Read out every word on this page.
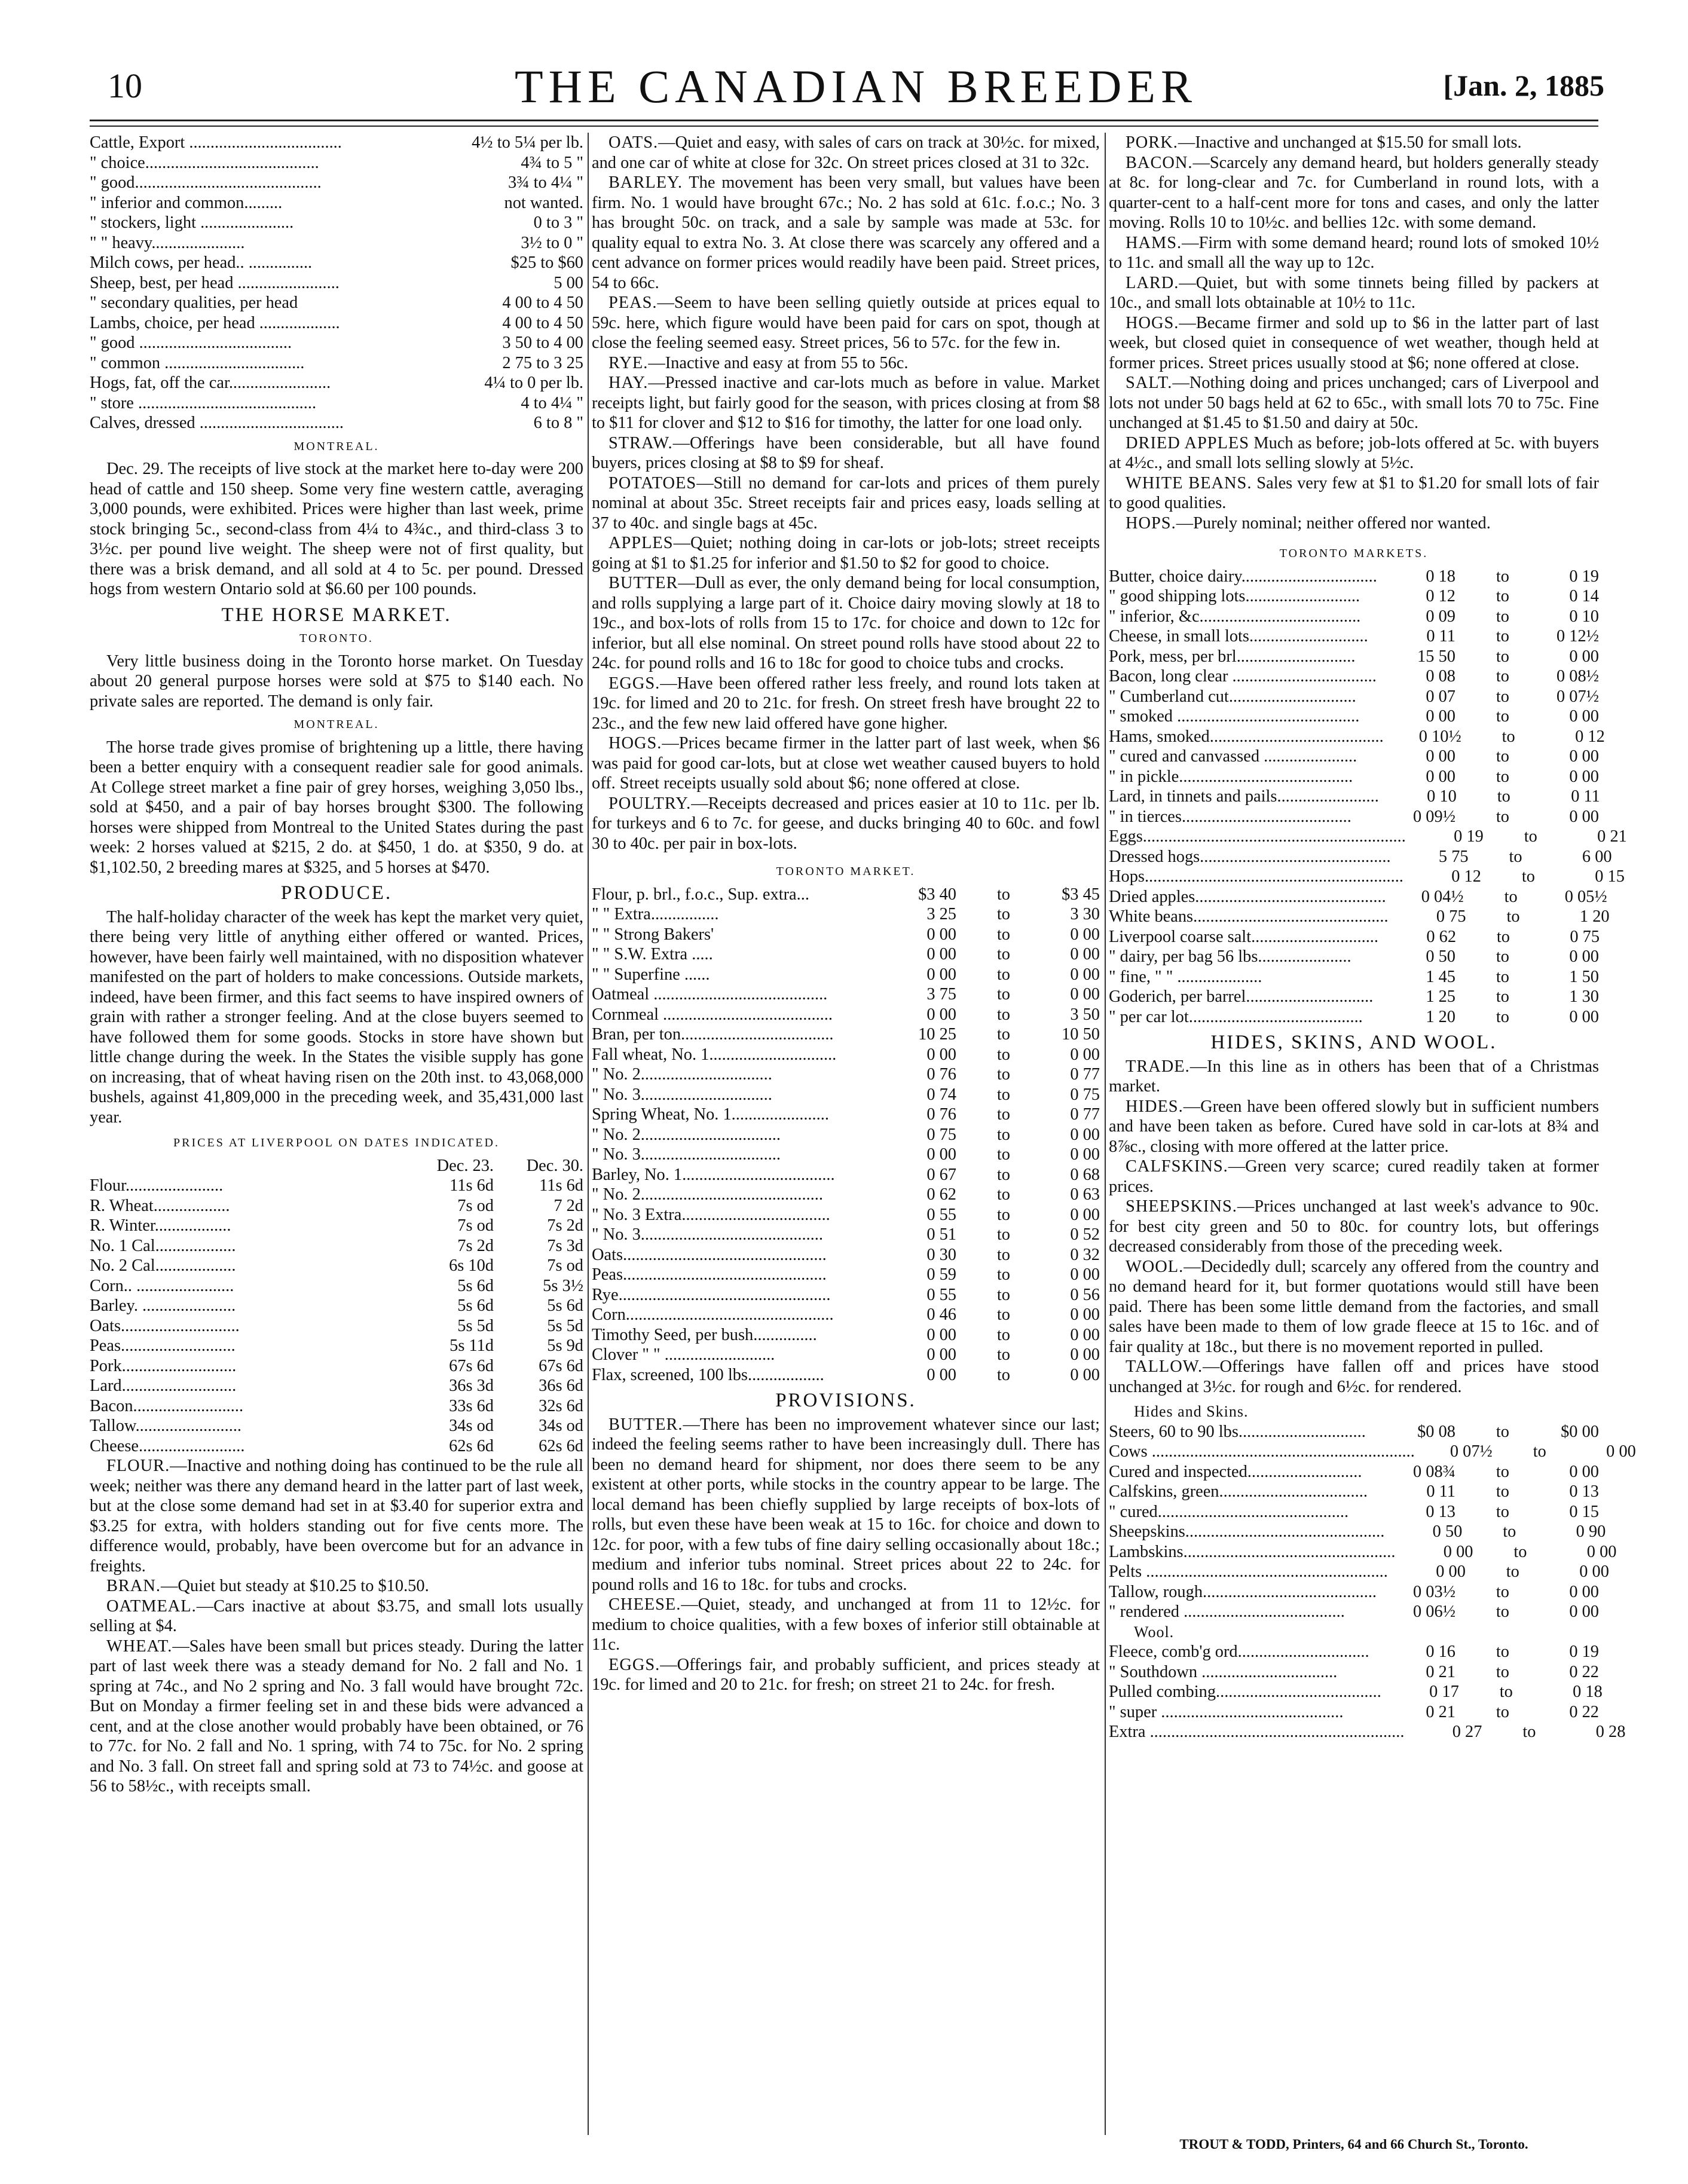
10	THE CANADIAN BREEDER	[Jan. 2, 1885
Cattle, Export ....................................	4½ to 5¼ per lb.
" choice.........................................	4¾ to 5 "
" good............................................	3¾ to 4¼ "
" inferior and common.........	not wanted.
" stockers, light ......................	0 to 3 "
" " heavy......................	3½ to 0 "
Milch cows, per head.. ...............	$25 to $60
Sheep, best, per head ........................	5 00
" secondary qualities, per head	4 00 to 4 50
Lambs, choice, per head ...................	4 00 to 4 50
" good ....................................	3 50 to 4 00
" common .................................	2 75 to 3 25
Hogs, fat, off the car........................	4¼ to 0 per lb.
" store ..........................................	4 to 4¼ "
Calves, dressed ..................................	6 to 8 "
MONTREAL.

Dec. 29. The receipts of live stock at the market here to-day were 200 head of cattle and 150 sheep. Some very fine western cattle, averaging 3,000 pounds, were exhibited. Prices were higher than last week, prime stock bringing 5c., second-class from 4¼ to 4¾c., and third-class 3 to 3½c. per pound live weight. The sheep were not of first quality, but there was a brisk demand, and all sold at 4 to 5c. per pound. Dressed hogs from western Ontario sold at $6.60 per 100 pounds.

THE HORSE MARKET.
TORONTO.

Very little business doing in the Toronto horse market. On Tuesday about 20 general purpose horses were sold at $75 to $140 each. No private sales are reported. The demand is only fair.

MONTREAL.

The horse trade gives promise of brightening up a little, there having been a better enquiry with a consequent readier sale for good animals. At College street market a fine pair of grey horses, weighing 3,050 lbs., sold at $450, and a pair of bay horses brought $300. The following horses were shipped from Montreal to the United States during the past week: 2 horses valued at $215, 2 do. at $450, 1 do. at $350, 9 do. at $1,102.50, 2 breeding mares at $325, and 5 horses at $470.

PRODUCE.

The half-holiday character of the week has kept the market very quiet, there being very little of anything either offered or wanted. Prices, however, have been fairly well maintained, with no disposition whatever manifested on the part of holders to make concessions. Outside markets, indeed, have been firmer, and this fact seems to have inspired owners of grain with rather a stronger feeling. And at the close buyers seemed to have followed them for some goods. Stocks in store have shown but little change during the week. In the States the visible supply has gone on increasing, that of wheat having risen on the 20th inst. to 43,068,000 bushels, against 41,809,000 in the preceding week, and 35,431,000 last year.

PRICES AT LIVERPOOL ON DATES INDICATED.
Dec. 23.	Dec. 30.
Flour.......................	11s 6d	11s 6d
R. Wheat..................	7s od	7 2d
R. Winter..................	7s od	7s 2d
No. 1 Cal...................	7s 2d	7s 3d
No. 2 Cal...................	6s 10d	7s od
Corn.. .......................	5s 6d	5s 3½
Barley. ......................	5s 6d	5s 6d
Oats............................	5s 5d	5s 5d
Peas...........................	5s 11d	5s 9d
Pork...........................	67s 6d	67s 6d
Lard...........................	36s 3d	36s 6d
Bacon..........................	33s 6d	32s 6d
Tallow.........................	34s od	34s od
Cheese.........................	62s 6d	62s 6d

FLOUR.—Inactive and nothing doing has continued to be the rule all week; neither was there any demand heard in the latter part of last week, but at the close some demand had set in at $3.40 for superior extra and $3.25 for extra, with holders standing out for five cents more. The difference would, probably, have been overcome but for an advance in freights.

BRAN.—Quiet but steady at $10.25 to $10.50.

OATMEAL.—Cars inactive at about $3.75, and small lots usually selling at $4.

WHEAT.—Sales have been small but prices steady. During the latter part of last week there was a steady demand for No. 2 fall and No. 1 spring at 74c., and No 2 spring and No. 3 fall would have brought 72c. But on Monday a firmer feeling set in and these bids were advanced a cent, and at the close another would probably have been obtained, or 76 to 77c. for No. 2 fall and No. 1 spring, with 74 to 75c. for No. 2 spring and No. 3 fall. On street fall and spring sold at 73 to 74½c. and goose at 56 to 58½c., with receipts small.

OATS.—Quiet and easy, with sales of cars on track at 30½c. for mixed, and one car of white at close for 32c. On street prices closed at 31 to 32c.

BARLEY. The movement has been very small, but values have been firm. No. 1 would have brought 67c.; No. 2 has sold at 61c. f.o.c.; No. 3 has brought 50c. on track, and a sale by sample was made at 53c. for quality equal to extra No. 3. At close there was scarcely any offered and a cent advance on former prices would readily have been paid. Street prices, 54 to 66c.

PEAS.—Seem to have been selling quietly outside at prices equal to 59c. here, which figure would have been paid for cars on spot, though at close the feeling seemed easy. Street prices, 56 to 57c. for the few in.

RYE.—Inactive and easy at from 55 to 56c.

HAY.—Pressed inactive and car-lots much as before in value. Market receipts light, but fairly good for the season, with prices closing at from $8 to $11 for clover and $12 to $16 for timothy, the latter for one load only.

STRAW.—Offerings have been considerable, but all have found buyers, prices closing at $8 to $9 for sheaf.

POTATOES—Still no demand for car-lots and prices of them purely nominal at about 35c. Street receipts fair and prices easy, loads selling at 37 to 40c. and single bags at 45c.

APPLES—Quiet; nothing doing in car-lots or job-lots; street receipts going at $1 to $1.25 for inferior and $1.50 to $2 for good to choice.

BUTTER—Dull as ever, the only demand being for local consumption, and rolls supplying a large part of it. Choice dairy moving slowly at 18 to 19c., and box-lots of rolls from 15 to 17c. for choice and down to 12c for inferior, but all else nominal. On street pound rolls have stood about 22 to 24c. for pound rolls and 16 to 18c for good to choice tubs and crocks.

EGGS.—Have been offered rather less freely, and round lots taken at 19c. for limed and 20 to 21c. for fresh. On street fresh have brought 22 to 23c., and the few new laid offered have gone higher.

HOGS.—Prices became firmer in the latter part of last week, when $6 was paid for good car-lots, but at close wet weather caused buyers to hold off. Street receipts usually sold about $6; none offered at close.

POULTRY.—Receipts decreased and prices easier at 10 to 11c. per lb. for turkeys and 6 to 7c. for geese, and ducks bringing 40 to 60c. and fowl 30 to 40c. per pair in box-lots.

TORONTO MARKET.
Flour, p. brl., f.o.c., Sup. extra...	$3 40	to	$3 45
" " Extra................	3 25	to	3 30
" " Strong Bakers'	0 00	to	0 00
" " S.W. Extra .....	0 00	to	0 00
" " Superfine ......	0 00	to	0 00
Oatmeal .........................................	3 75	to	0 00
Cornmeal ........................................	0 00	to	3 50
Bran, per ton....................................	10 25	to	10 50
Fall wheat, No. 1..............................	0 00	to	0 00
" No. 2...............................	0 76	to	0 77
" No. 3...............................	0 74	to	0 75
Spring Wheat, No. 1.......................	0 76	to	0 77
" No. 2.................................	0 75	to	0 00
" No. 3.................................	0 00	to	0 00
Barley, No. 1....................................	0 67	to	0 68
" No. 2...........................................	0 62	to	0 63
" No. 3 Extra...................................	0 55	to	0 00
" No. 3...........................................	0 51	to	0 52
Oats................................................	0 30	to	0 32
Peas................................................	0 59	to	0 00
Rye..................................................	0 55	to	0 56
Corn.................................................	0 46	to	0 00
Timothy Seed, per bush...............	0 00	to	0 00
Clover " " ..........................	0 00	to	0 00
Flax, screened, 100 lbs..................	0 00	to	0 00
PROVISIONS.

BUTTER.—There has been no improvement whatever since our last; indeed the feeling seems rather to have been increasingly dull. There has been no demand heard for shipment, nor does there seem to be any existent at other ports, while stocks in the country appear to be large. The local demand has been chiefly supplied by large receipts of box-lots of rolls, but even these have been weak at 15 to 16c. for choice and down to 12c. for poor, with a few tubs of fine dairy selling occasionally about 18c.; medium and inferior tubs nominal. Street prices about 22 to 24c. for pound rolls and 16 to 18c. for tubs and crocks.

CHEESE.—Quiet, steady, and unchanged at from 11 to 12½c. for medium to choice qualities, with a few boxes of inferior still obtainable at 11c.

EGGS.—Offerings fair, and probably sufficient, and prices steady at 19c. for limed and 20 to 21c. for fresh; on street 21 to 24c. for fresh.

PORK.—Inactive and unchanged at $15.50 for small lots.

BACON.—Scarcely any demand heard, but holders generally steady at 8c. for long-clear and 7c. for Cumberland in round lots, with a quarter-cent to a half-cent more for tons and cases, and only the latter moving. Rolls 10 to 10½c. and bellies 12c. with some demand.

HAMS.—Firm with some demand heard; round lots of smoked 10½ to 11c. and small all the way up to 12c.

LARD.—Quiet, but with some tinnets being filled by packers at 10c., and small lots obtainable at 10½ to 11c.

HOGS.—Became firmer and sold up to $6 in the latter part of last week, but closed quiet in consequence of wet weather, though held at former prices. Street prices usually stood at $6; none offered at close.

SALT.—Nothing doing and prices unchanged; cars of Liverpool and lots not under 50 bags held at 62 to 65c., with small lots 70 to 75c. Fine unchanged at $1.45 to $1.50 and dairy at 50c.

DRIED APPLES Much as before; job-lots offered at 5c. with buyers at 4½c., and small lots selling slowly at 5½c.

WHITE BEANS. Sales very few at $1 to $1.20 for small lots of fair to good qualities.

HOPS.—Purely nominal; neither offered nor wanted.

TORONTO MARKETS.
Butter, choice dairy................................	0 18	to	0 19
" good shipping lots...........................	0 12	to	0 14
" inferior, &c......................................	0 09	to	0 10
Cheese, in small lots............................	0 11	to	0 12½
Pork, mess, per brl............................	15 50	to	0 00
Bacon, long clear ..................................	0 08	to	0 08½
" Cumberland cut..............................	0 07	to	0 07½
" smoked ...........................................	0 00	to	0 00
Hams, smoked.........................................	0 10½	to	0 12
" cured and canvassed ......................	0 00	to	0 00
" in pickle.........................................	0 00	to	0 00
Lard, in tinnets and pails........................	0 10	to	0 11
" in tierces........................................	0 09½	to	0 00
Eggs..............................................................	0 19	to	0 21
Dressed hogs.............................................	5 75	to	6 00
Hops.............................................................	0 12	to	0 15
Dried apples.............................................	0 04½	to	0 05½
White beans..............................................	0 75	to	1 20
Liverpool coarse salt..............................	0 62	to	0 75
" dairy, per bag 56 lbs......................	0 50	to	0 00
" fine, " " ....................	1 45	to	1 50
Goderich, per barrel..............................	1 25	to	1 30
" per car lot.........................................	1 20	to	0 00
HIDES, SKINS, AND WOOL.

TRADE.—In this line as in others has been that of a Christmas market.

HIDES.—Green have been offered slowly but in sufficient numbers and have been taken as before. Cured have sold in car-lots at 8¾ and 8⅞c., closing with more offered at the latter price.

CALFSKINS.—Green very scarce; cured readily taken at former prices.

SHEEPSKINS.—Prices unchanged at last week's advance to 90c. for best city green and 50 to 80c. for country lots, but offerings decreased considerably from those of the preceding week.

WOOL.—Decidedly dull; scarcely any offered from the country and no demand heard for it, but former quotations would still have been paid. There has been some little demand from the factories, and small sales have been made to them of low grade fleece at 15 to 16c. and of fair quality at 18c., but there is no movement reported in pulled.

TALLOW.—Offerings have fallen off and prices have stood unchanged at 3½c. for rough and 6½c. for rendered.

Hides and Skins.
Steers, 60 to 90 lbs..............................	$0 08	to	$0 00
Cows ..............................................................	0 07½	to	0 00
Cured and inspected...........................	0 08¾	to	0 00
Calfskins, green...................................	0 11	to	0 13
" cured.............................................	0 13	to	0 15
Sheepskins...............................................	0 50	to	0 90
Lambskins..................................................	0 00	to	0 00
Pelts .........................................................	0 00	to	0 00
Tallow, rough.........................................	0 03½	to	0 00
" rendered ......................................	0 06½	to	0 00
Wool.
Fleece, comb'g ord...............................	0 16	to	0 19
" Southdown ................................	0 21	to	0 22
Pulled combing.......................................	0 17	to	0 18
" super ...........................................	0 21	to	0 22
Extra ............................................................	0 27	to	0 28
TROUT & TODD, Printers, 64 and 66 Church St., Toronto.
